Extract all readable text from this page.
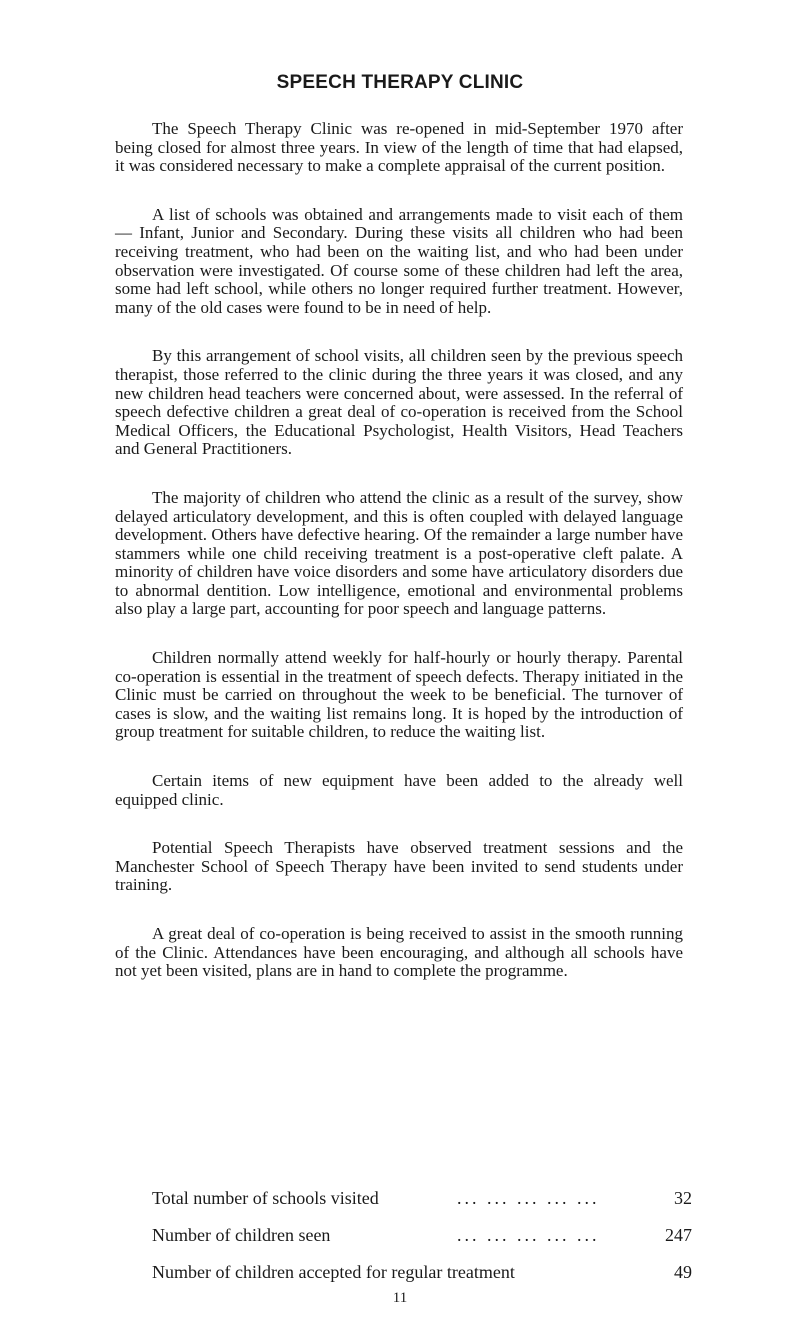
SPEECH THERAPY CLINIC

The Speech Therapy Clinic was re-opened in mid-September 1970 after being closed for almost three years. In view of the length of time that had elapsed, it was considered necessary to make a complete appraisal of the current position.

A list of schools was obtained and arrangements made to visit each of them — Infant, Junior and Secondary. During these visits all children who had been receiving treatment, who had been on the waiting list, and who had been under observation were investigated. Of course some of these children had left the area, some had left school, while others no longer required further treatment. However, many of the old cases were found to be in need of help.

By this arrangement of school visits, all children seen by the previous speech therapist, those referred to the clinic during the three years it was closed, and any new children head teachers were concerned about, were assessed. In the referral of speech defective children a great deal of co-operation is received from the School Medical Officers, the Educational Psychologist, Health Visitors, Head Teachers and General Practitioners.

The majority of children who attend the clinic as a result of the survey, show delayed articulatory development, and this is often coupled with delayed language development. Others have defective hearing. Of the remainder a large number have stammers while one child receiving treatment is a post-operative cleft palate. A minority of children have voice disorders and some have articulatory disorders due to abnormal dentition. Low intelligence, emotional and environmental problems also play a large part, accounting for poor speech and language patterns.

Children normally attend weekly for half-hourly or hourly therapy. Parental co-operation is essential in the treatment of speech defects. Therapy initiated in the Clinic must be carried on throughout the week to be beneficial. The turnover of cases is slow, and the waiting list remains long. It is hoped by the introduction of group treatment for suitable children, to reduce the waiting list.

Certain items of new equipment have been added to the already well equipped clinic.

Potential Speech Therapists have observed treatment sessions and the Manchester School of Speech Therapy have been invited to send students under training.

A great deal of co-operation is being received to assist in the smooth running of the Clinic. Attendances have been encouraging, and although all schools have not yet been visited, plans are in hand to complete the programme.

Total number of schools visited	... ... ... ... ...	32
Number of children seen	... ... ... ... ...	247
Number of children accepted for regular treatment	49
11
